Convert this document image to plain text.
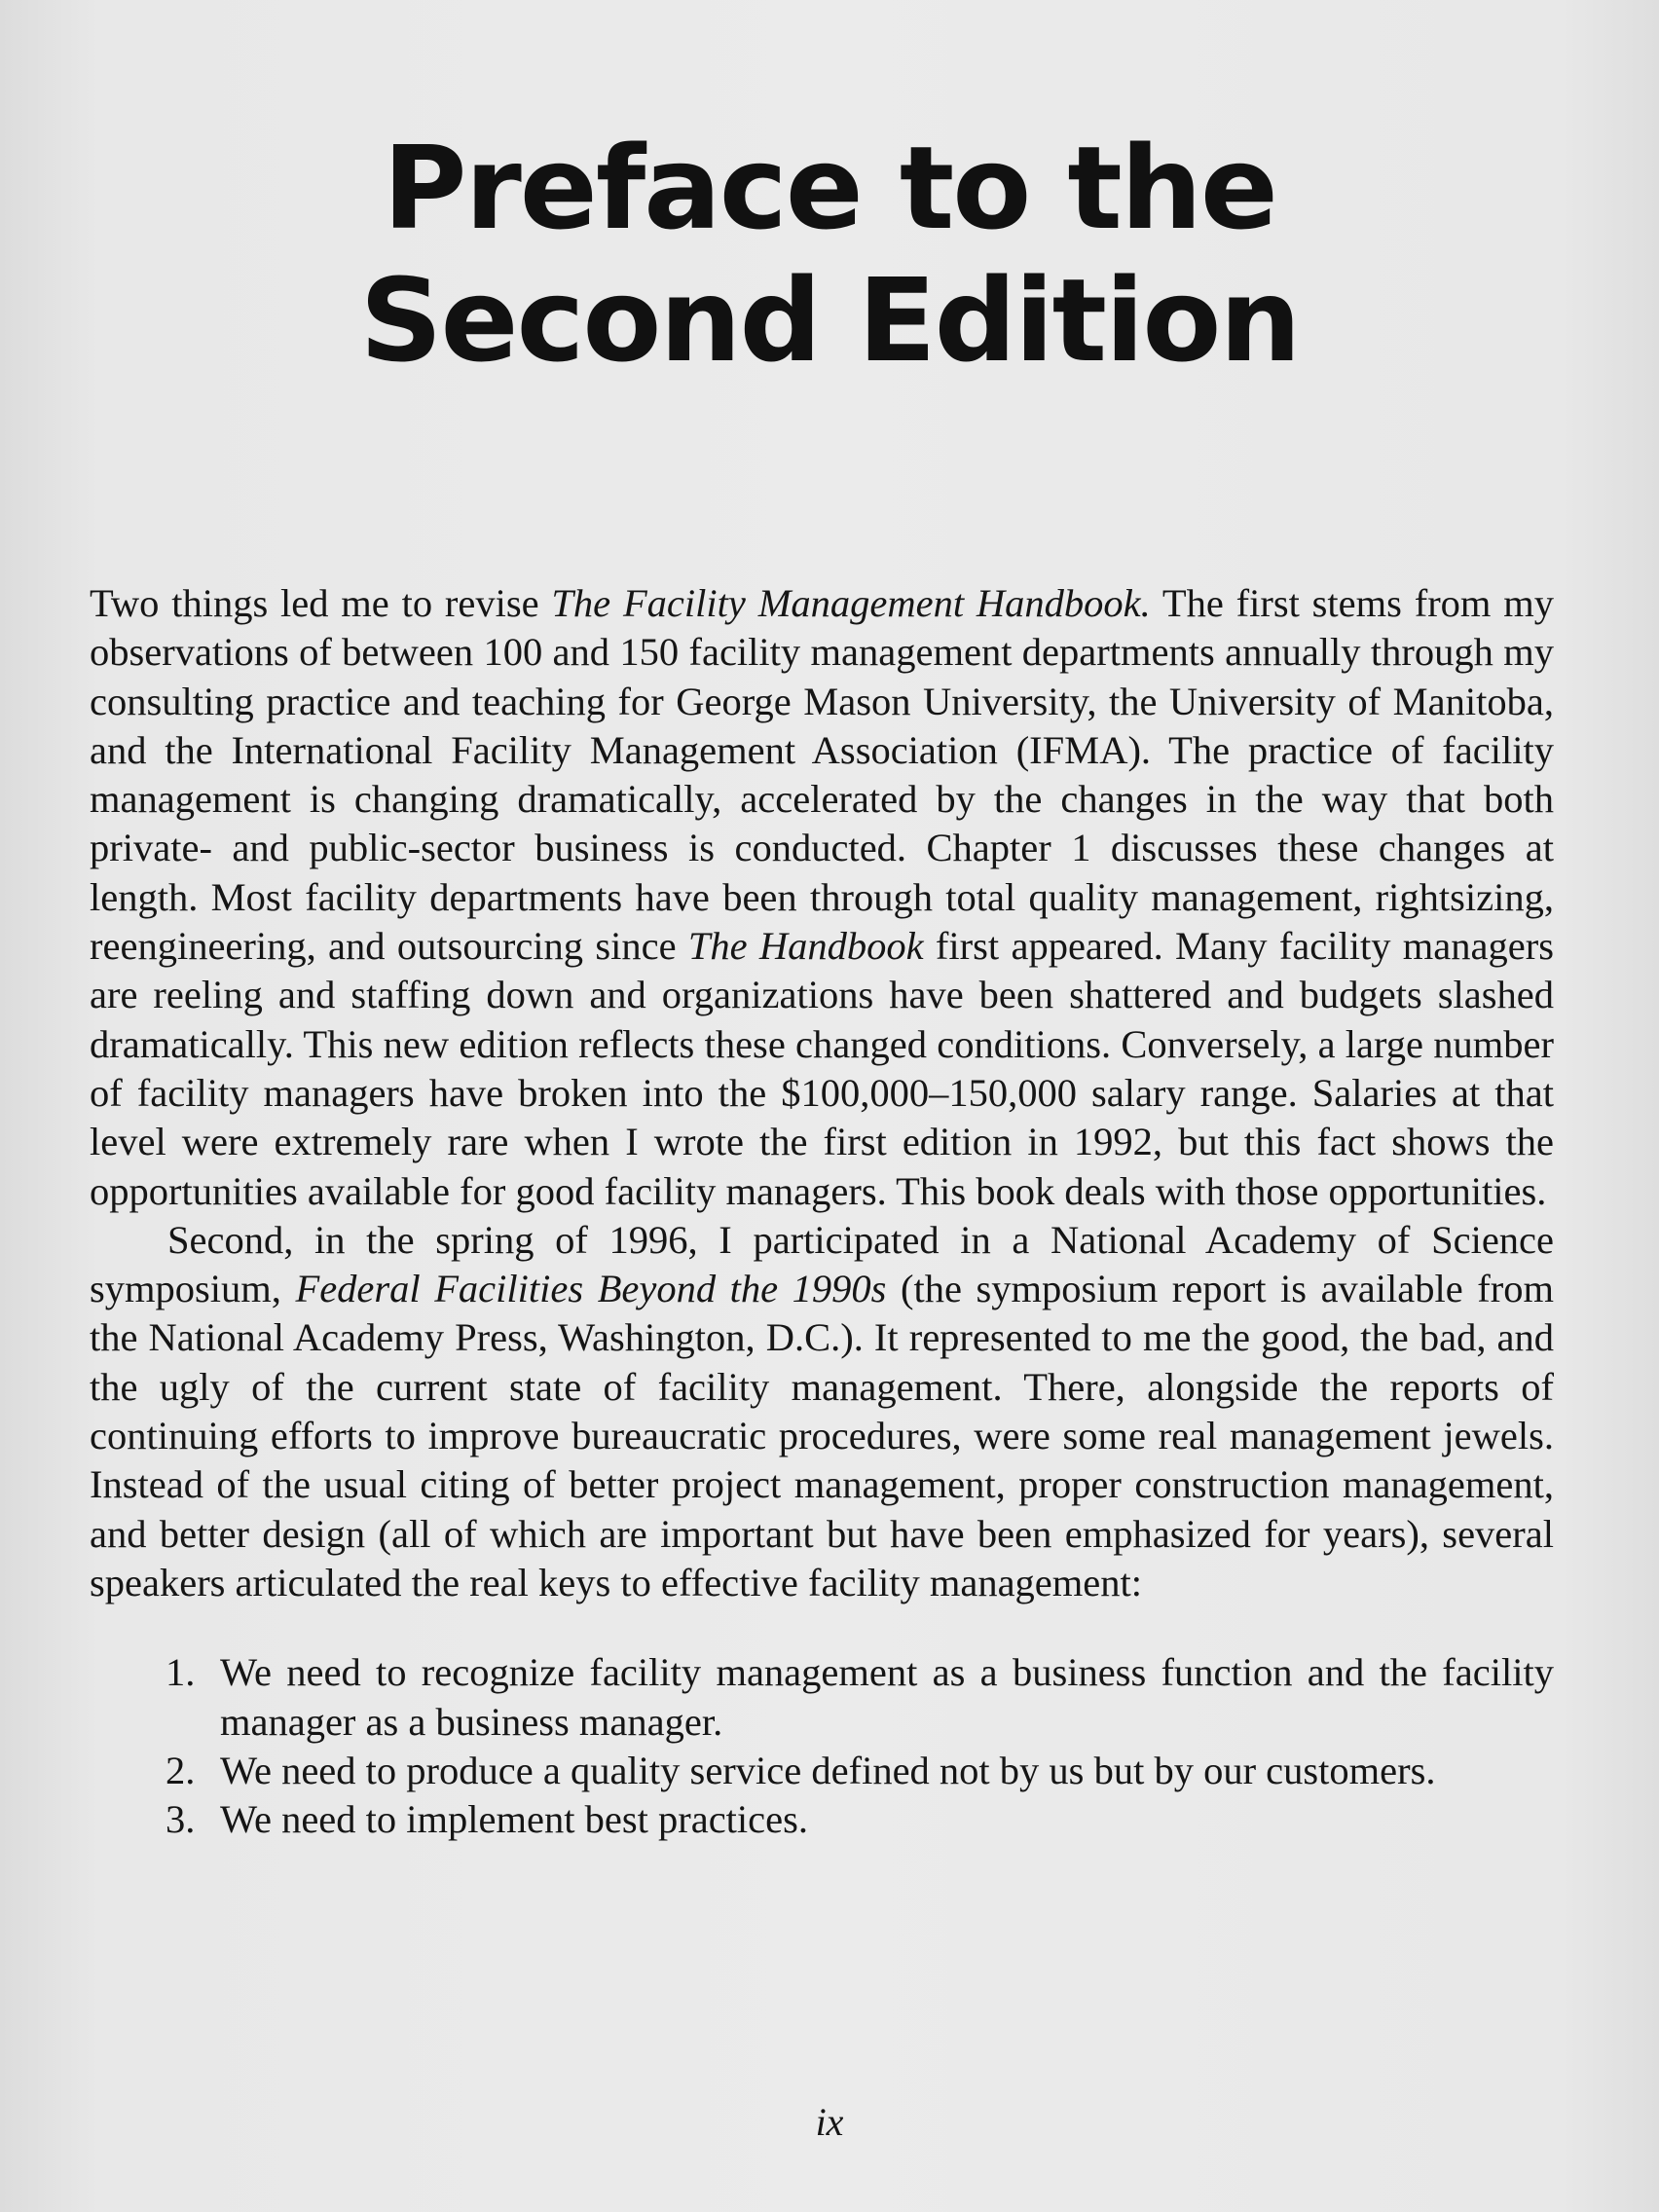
Preface to the
Second Edition

Two things led me to revise The Facility Management Handbook. The first stems from my observations of between 100 and 150 facility management departments annually through my consulting practice and teaching for George Mason University, the University of Manitoba, and the International Facility Management Association (IFMA). The practice of facility management is changing dramatically, accelerated by the changes in the way that both private- and public-sector business is conducted. Chapter 1 discusses these changes at length. Most facility departments have been through total quality management, rightsizing, reengineering, and outsourcing since The Handbook first appeared. Many facility managers are reeling and staffing down and organizations have been shattered and budgets slashed dramatically. This new edition reflects these changed conditions. Conversely, a large number of facility managers have broken into the $100,000–150,000 salary range. Salaries at that level were extremely rare when I wrote the first edition in 1992, but this fact shows the opportunities available for good facility managers. This book deals with those opportunities.

Second, in the spring of 1996, I participated in a National Academy of Science symposium, Federal Facilities Beyond the 1990s (the symposium report is available from the National Academy Press, Washington, D.C.). It represented to me the good, the bad, and the ugly of the current state of facility management. There, alongside the reports of continuing efforts to improve bureaucratic procedures, were some real management jewels. Instead of the usual citing of better project management, proper construction management, and better design (all of which are important but have been emphasized for years), several speakers articulated the real keys to effective facility management:

1. We need to recognize facility management as a business function and the facility manager as a business manager.
2. We need to produce a quality service defined not by us but by our customers.
3. We need to implement best practices.
ix
